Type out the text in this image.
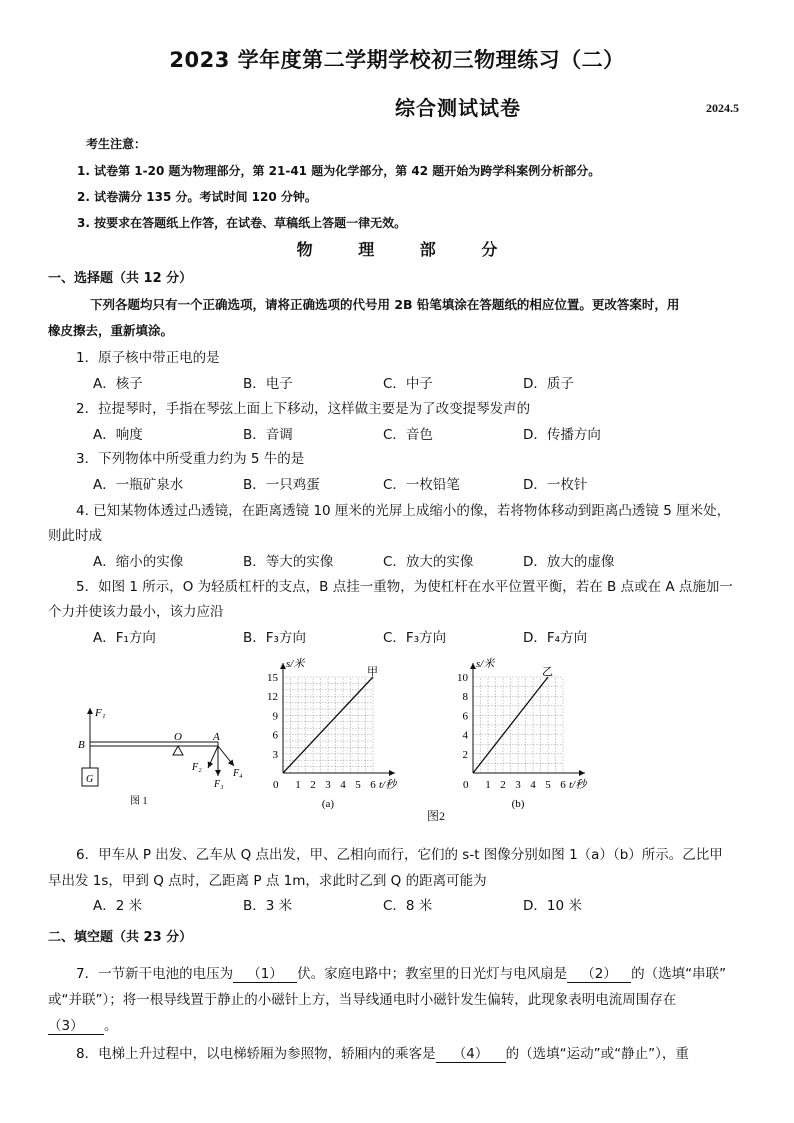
2023 学年度第二学期学校初三物理练习（二）
综合测试试卷	2024.5
考生注意：
1. 试卷第 1-20 题为物理部分，第 21-41 题为化学部分，第 42 题开始为跨学科案例分析部分。
2. 试卷满分 135 分。考试时间 120 分钟。
3. 按要求在答题纸上作答，在试卷、草稿纸上答题一律无效。
物 理 部 分
一、选择题（共 12 分）
下列各题均只有一个正确选项，请将正确选项的代号用 2B 铅笔填涂在答题纸的相应位置。更改答案时，用
橡皮擦去，重新填涂。
1．原子核中带正电的是
A．核子	B．电子	C．中子	D．质子
2．拉提琴时，手指在琴弦上面上下移动，这样做主要是为了改变提琴发声的
A．响度	B．音调	C．音色	D．传播方向
3．下列物体中所受重力约为 5 牛的是
A．一瓶矿泉水	B．一只鸡蛋	C．一枚铅笔	D．一枚针
4. 已知某物体透过凸透镜，在距离透镜 10 厘米的光屏上成缩小的像，若将物体移动到距离凸透镜 5 厘米处，
则此时成
A．缩小的实像	B．等大的实像	C．放大的实像	D．放大的虚像
5．如图 1 所示，O 为轻质杠杆的支点，B 点挂一重物，为使杠杆在水平位置平衡，若在 B 点或在 A 点施加一
个力并使该力最小，该力应沿
A．F₁方向	B．F₃方向	C．F₃方向	D．F₄方向
F₁
B
O	A
F₂
F₃
F₄
G
图 1
3
6
9
12
15
1 2 3 4 5 6
0
s/米
t/秒
甲
(a)
2
4
6
8
10
1 2 3 4 5 6
0
s/米
t/秒
乙
(b)
图2
6．甲车从 P 出发、乙车从 Q 点出发，甲、乙相向而行，它们的 s-t 图像分别如图 1（a）（b）所示。乙比甲
早出发 1s，甲到 Q 点时，乙距离 P 点 1m，求此时乙到 Q 的距离可能为
A．2 米	B．3 米	C．8 米	D．10 米
二、填空题（共 23 分）
7．一节新干电池的电压为 （1） 伏。家庭电路中；教室里的日光灯与电风扇是 （2） 的（选填“串联”
或“并联”）；将一根导线置于静止的小磁针上方，当导线通电时小磁针发生偏转，此现象表明电流周围存在
（3） 。
8．电梯上升过程中，以电梯轿厢为参照物，轿厢内的乘客是 （4） 的（选填“运动”或“静止”），重
